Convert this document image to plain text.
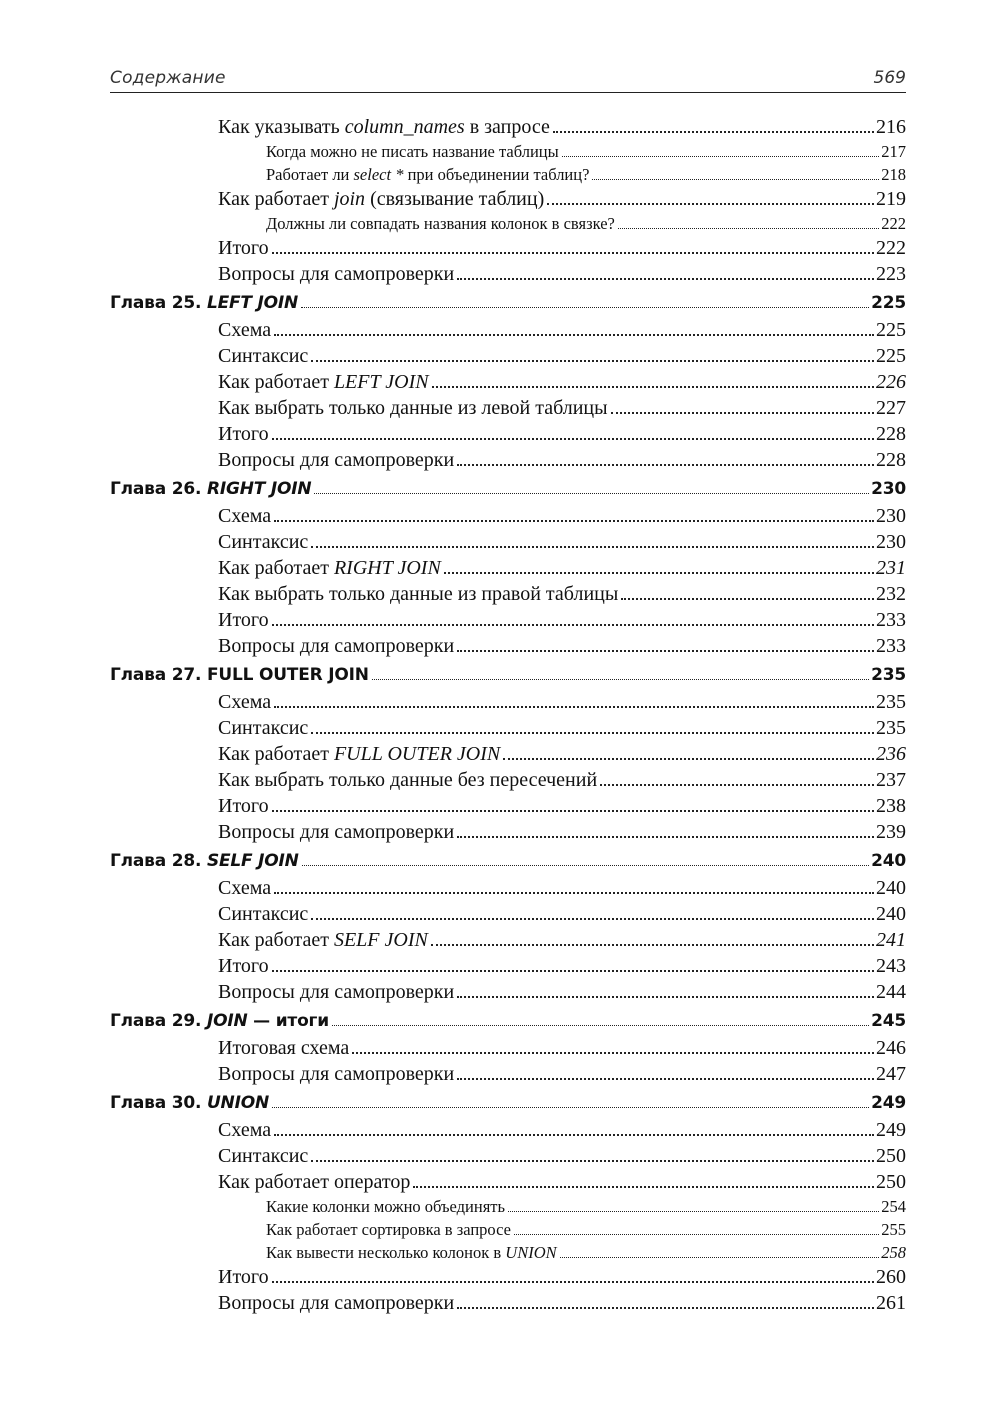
Содержание	569
Как указывать column_names в запросе	216
Когда можно не писать название таблицы	217
Работает ли select * при объединении таблиц?	218
Как работает join (связывание таблиц)	219
Должны ли совпадать названия колонок в связке?	222
Итого	222
Вопросы для самопроверки	223
Глава 25. LEFT JOIN	225
Схема	225
Синтаксис	225
Как работает LEFT JOIN	226
Как выбрать только данные из левой таблицы	227
Итого	228
Вопросы для самопроверки	228
Глава 26. RIGHT JOIN	230
Схема	230
Синтаксис	230
Как работает RIGHT JOIN	231
Как выбрать только данные из правой таблицы	232
Итого	233
Вопросы для самопроверки	233
Глава 27. FULL OUTER JOIN	235
Схема	235
Синтаксис	235
Как работает FULL OUTER JOIN	236
Как выбрать только данные без пересечений	237
Итого	238
Вопросы для самопроверки	239
Глава 28. SELF JOIN	240
Схема	240
Синтаксис	240
Как работает SELF JOIN	241
Итого	243
Вопросы для самопроверки	244
Глава 29. JOIN — итоги	245
Итоговая схема	246
Вопросы для самопроверки	247
Глава 30. UNION	249
Схема	249
Синтаксис	250
Как работает оператор	250
Какие колонки можно объединять	254
Как работает сортировка в запросе	255
Как вывести несколько колонок в UNION	258
Итого	260
Вопросы для самопроверки	261
